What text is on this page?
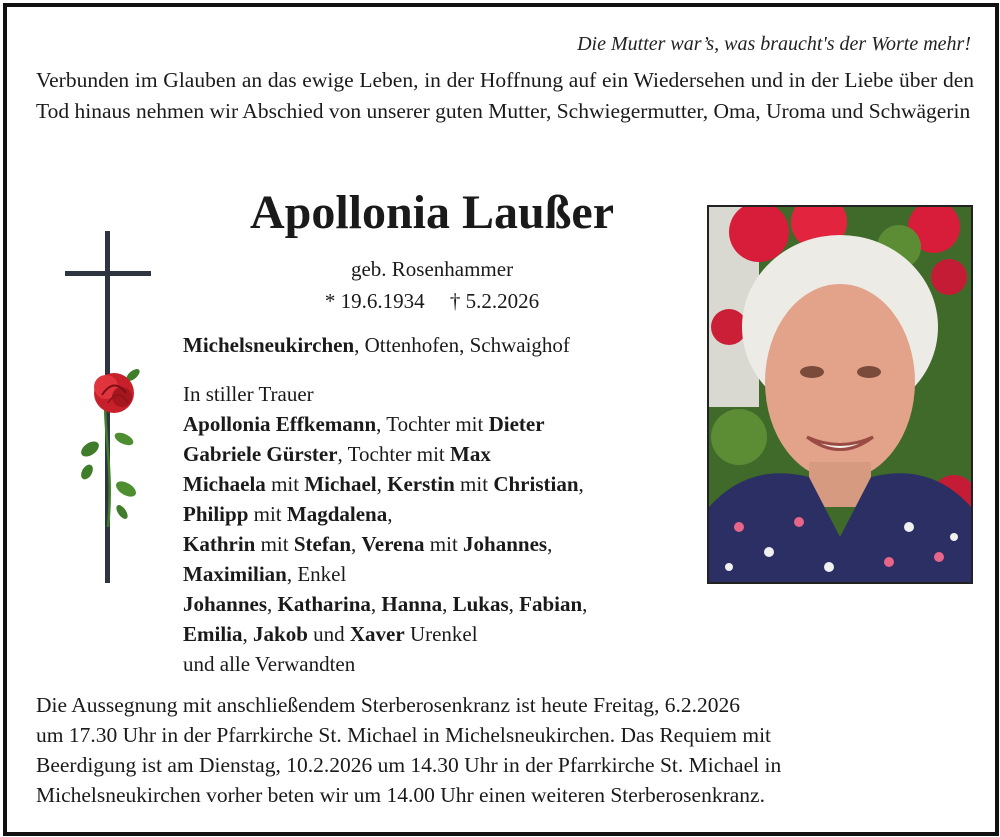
Die Mutter war’s, was braucht's der Worte mehr!
Verbunden im Glauben an das ewige Leben, in der Hoffnung auf ein Wiedersehen und in der Liebe über den Tod hinaus nehmen wir Abschied von unserer guten Mutter, Schwiegermutter, Oma, Uroma und Schwägerin
Apollonia Laußer
geb. Rosenhammer
* 19.6.1934 † 5.2.2026
Michelsneukirchen, Ottenhofen, Schwaighof
In stiller Trauer
Apollonia Effkemann, Tochter mit Dieter
Gabriele Gürster, Tochter mit Max
Michaela mit Michael, Kerstin mit Christian,
Philipp mit Magdalena,
Kathrin mit Stefan, Verena mit Johannes,
Maximilian, Enkel
Johannes, Katharina, Hanna, Lukas, Fabian,
Emilia, Jakob und Xaver Urenkel
und alle Verwandten
Die Aussegnung mit anschließendem Sterberosenkranz ist heute Freitag, 6.2.2026
um 17.30 Uhr in der Pfarrkirche St. Michael in Michelsneukirchen. Das Requiem mit
Beerdigung ist am Dienstag, 10.2.2026 um 14.30 Uhr in der Pfarrkirche St. Michael in
Michelsneukirchen vorher beten wir um 14.00 Uhr einen weiteren Sterberosenkranz.
